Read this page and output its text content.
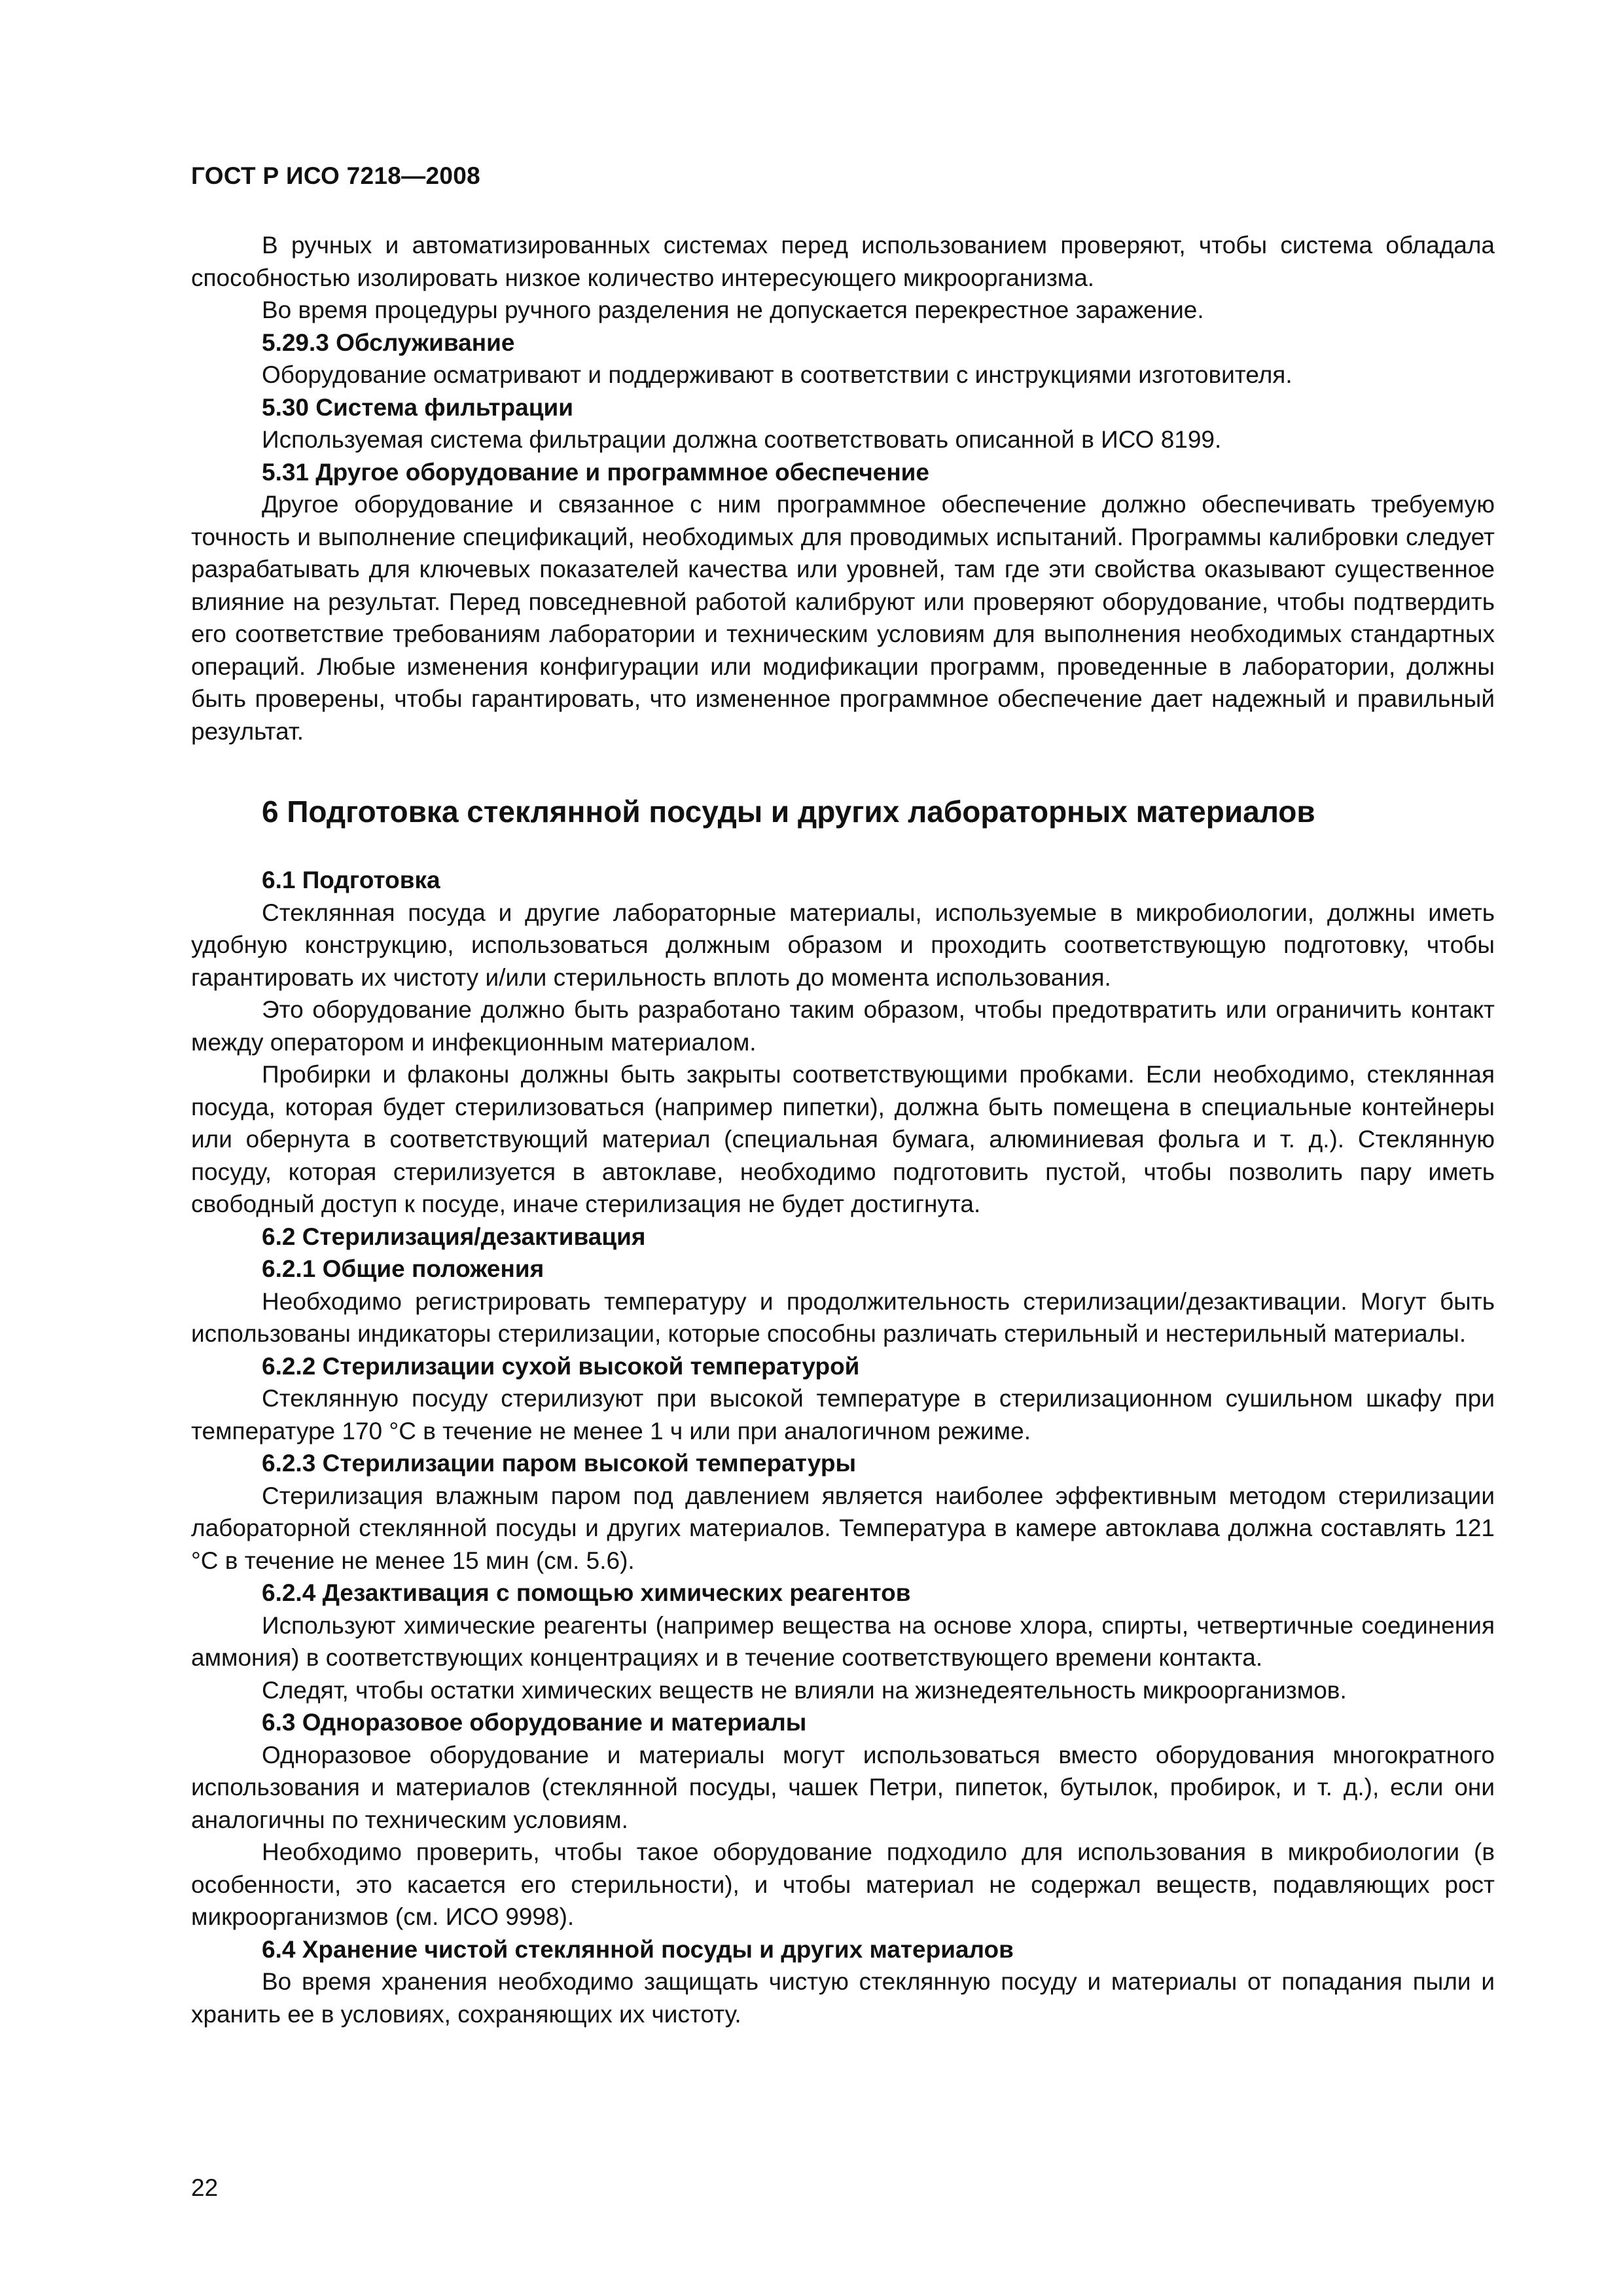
ГОСТ Р ИСО 7218—2008

В ручных и автоматизированных системах перед использованием проверяют, чтобы система обладала способностью изолировать низкое количество интересующего микроорганизма.

Во время процедуры ручного разделения не допускается перекрестное заражение.

5.29.3 Обслуживание

Оборудование осматривают и поддерживают в соответствии с инструкциями изготовителя.

5.30 Система фильтрации

Используемая система фильтрации должна соответствовать описанной в ИСО 8199.

5.31 Другое оборудование и программное обеспечение

Другое оборудование и связанное с ним программное обеспечение должно обеспечивать требуемую точность и выполнение спецификаций, необходимых для проводимых испытаний. Программы калибровки следует разрабатывать для ключевых показателей качества или уровней, там где эти свойства оказывают существенное влияние на результат. Перед повседневной работой калибруют или проверяют оборудование, чтобы подтвердить его соответствие требованиям лаборатории и техническим условиям для выполнения необходимых стандартных операций. Любые изменения конфигурации или модификации программ, проведенные в лаборатории, должны быть проверены, чтобы гарантировать, что измененное программное обеспечение дает надежный и правильный результат.

6 Подготовка стеклянной посуды и других лабораторных материалов
6.1 Подготовка

Стеклянная посуда и другие лабораторные материалы, используемые в микробиологии, должны иметь удобную конструкцию, использоваться должным образом и проходить соответствующую подготовку, чтобы гарантировать их чистоту и/или стерильность вплоть до момента использования.

Это оборудование должно быть разработано таким образом, чтобы предотвратить или ограничить контакт между оператором и инфекционным материалом.

Пробирки и флаконы должны быть закрыты соответствующими пробками. Если необходимо, стеклянная посуда, которая будет стерилизоваться (например пипетки), должна быть помещена в специальные контейнеры или обернута в соответствующий материал (специальная бумага, алюминиевая фольга и т. д.). Стеклянную посуду, которая стерилизуется в автоклаве, необходимо подготовить пустой, чтобы позволить пару иметь свободный доступ к посуде, иначе стерилизация не будет достигнута.

6.2 Стерилизация/дезактивация
6.2.1 Общие положения

Необходимо регистрировать температуру и продолжительность стерилизации/дезактивации. Могут быть использованы индикаторы стерилизации, которые способны различать стерильный и нестерильный материалы.

6.2.2 Стерилизации сухой высокой температурой

Стеклянную посуду стерилизуют при высокой температуре в стерилизационном сушильном шкафу при температуре 170 °С в течение не менее 1 ч или при аналогичном режиме.

6.2.3 Стерилизации паром высокой температуры

Стерилизация влажным паром под давлением является наиболее эффективным методом стерилизации лабораторной стеклянной посуды и других материалов. Температура в камере автоклава должна составлять 121 °С в течение не менее 15 мин (см. 5.6).

6.2.4 Дезактивация с помощью химических реагентов

Используют химические реагенты (например вещества на основе хлора, спирты, четвертичные соединения аммония) в соответствующих концентрациях и в течение соответствующего времени контакта.

Следят, чтобы остатки химических веществ не влияли на жизнедеятельность микроорганизмов.

6.3 Одноразовое оборудование и материалы

Одноразовое оборудование и материалы могут использоваться вместо оборудования многократного использования и материалов (стеклянной посуды, чашек Петри, пипеток, бутылок, пробирок, и т. д.), если они аналогичны по техническим условиям.

Необходимо проверить, чтобы такое оборудование подходило для использования в микробиологии (в особенности, это касается его стерильности), и чтобы материал не содержал веществ, подавляющих рост микроорганизмов (см. ИСО 9998).

6.4 Хранение чистой стеклянной посуды и других материалов

Во время хранения необходимо защищать чистую стеклянную посуду и материалы от попадания пыли и хранить ее в условиях, сохраняющих их чистоту.

22
